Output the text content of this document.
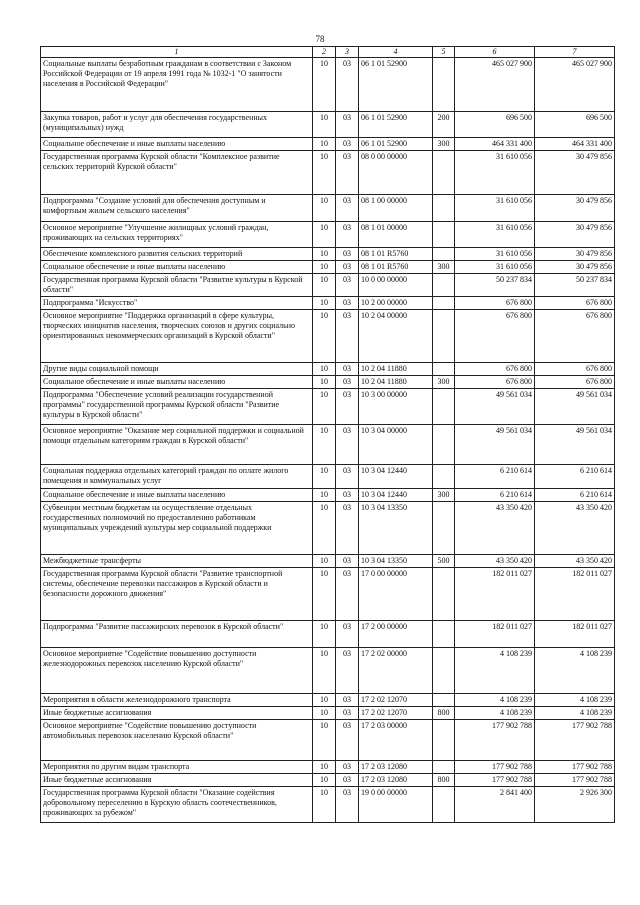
78
1	2	3	4	5	6	7
Социальные выплаты безработным гражданам в соответствии с Законом Российской Федерации от 19 апреля 1991 года № 1032-1 "О занятости населения в Российской Федерации"	10	03	06 1 01 52900		465 027 900	465 027 900
Закупка товаров, работ и услуг для обеспечения государственных (муниципальных) нужд	10	03	06 1 01 52900	200	696 500	696 500
Социальное обеспечение и иные выплаты населению	10	03	06 1 01 52900	300	464 331 400	464 331 400
Государственная программа Курской области "Комплексное развитие сельских территорий Курской области"	10	03	08 0 00 00000		31 610 056	30 479 856
Подпрограмма "Создание условий для обеспечения доступным и комфортным жильем сельского населения"	10	03	08 1 00 00000		31 610 056	30 479 856
Основное мероприятие "Улучшение жилищных условий граждан, проживающих на сельских территориях"	10	03	08 1 01 00000		31 610 056	30 479 856
Обеспечение комплексного развития сельских территорий	10	03	08 1 01 R5760		31 610 056	30 479 856
Социальное обеспечение и иные выплаты населению	10	03	08 1 01 R5760	300	31 610 056	30 479 856
Государственная программа Курской области "Развитие культуры в Курской области"	10	03	10 0 00 00000		50 237 834	50 237 834
Подпрограмма "Искусство"	10	03	10 2 00 00000		676 800	676 800
Основное мероприятие "Поддержка организаций в сфере культуры, творческих инициатив населения, творческих союзов и других социально ориентированных некоммерческих организаций в Курской области"	10	03	10 2 04 00000		676 800	676 800
Другие виды социальной помощи	10	03	10 2 04 11880		676 800	676 800
Социальное обеспечение и иные выплаты населению	10	03	10 2 04 11880	300	676 800	676 800
Подпрограмма "Обеспечение условий реализации государственной программы" государственной программы Курской области "Развитие культуры в Курской области"	10	03	10 3 00 00000		49 561 034	49 561 034
Основное мероприятие "Оказание мер социальной поддержки и социальной помощи отдельным категориям граждан в Курской области"	10	03	10 3 04 00000		49 561 034	49 561 034
Социальная поддержка отдельных категорий граждан по оплате жилого помещения и коммунальных услуг	10	03	10 3 04 12440		6 210 614	6 210 614
Социальное обеспечение и иные выплаты населению	10	03	10 3 04 12440	300	6 210 614	6 210 614
Субвенции местным бюджетам на осуществление отдельных государственных полномочий по предоставлению работникам муниципальных учреждений культуры мер социальной поддержки	10	03	10 3 04 13350		43 350 420	43 350 420
Межбюджетные трансферты	10	03	10 3 04 13350	500	43 350 420	43 350 420
Государственная программа Курской области "Развитие транспортной системы, обеспечение перевозки пассажиров в Курской области и безопасности дорожного движения"	10	03	17 0 00 00000		182 011 027	182 011 027
Подпрограмма "Развитие пассажирских перевозок в Курской области"	10	03	17 2 00 00000		182 011 027	182 011 027
Основное мероприятие "Содействие повышению доступности железнодорожных перевозок населению Курской области"	10	03	17 2 02 00000		4 108 239	4 108 239
Мероприятия в области железнодорожного транспорта	10	03	17 2 02 12070		4 108 239	4 108 239
Иные бюджетные ассигнования	10	03	17 2 02 12070	800	4 108 239	4 108 239
Основное мероприятие "Содействие повышению доступности автомобильных перевозок населению Курской области"	10	03	17 2 03 00000		177 902 788	177 902 788
Мероприятия по другим видам транспорта	10	03	17 2 03 12080		177 902 788	177 902 788
Иные бюджетные ассигнования	10	03	17 2 03 12080	800	177 902 788	177 902 788
Государственная программа Курской области "Оказание содействия добровольному переселению в Курскую область соотечественников, проживающих за рубежом"	10	03	19 0 00 00000		2 841 400	2 926 300
